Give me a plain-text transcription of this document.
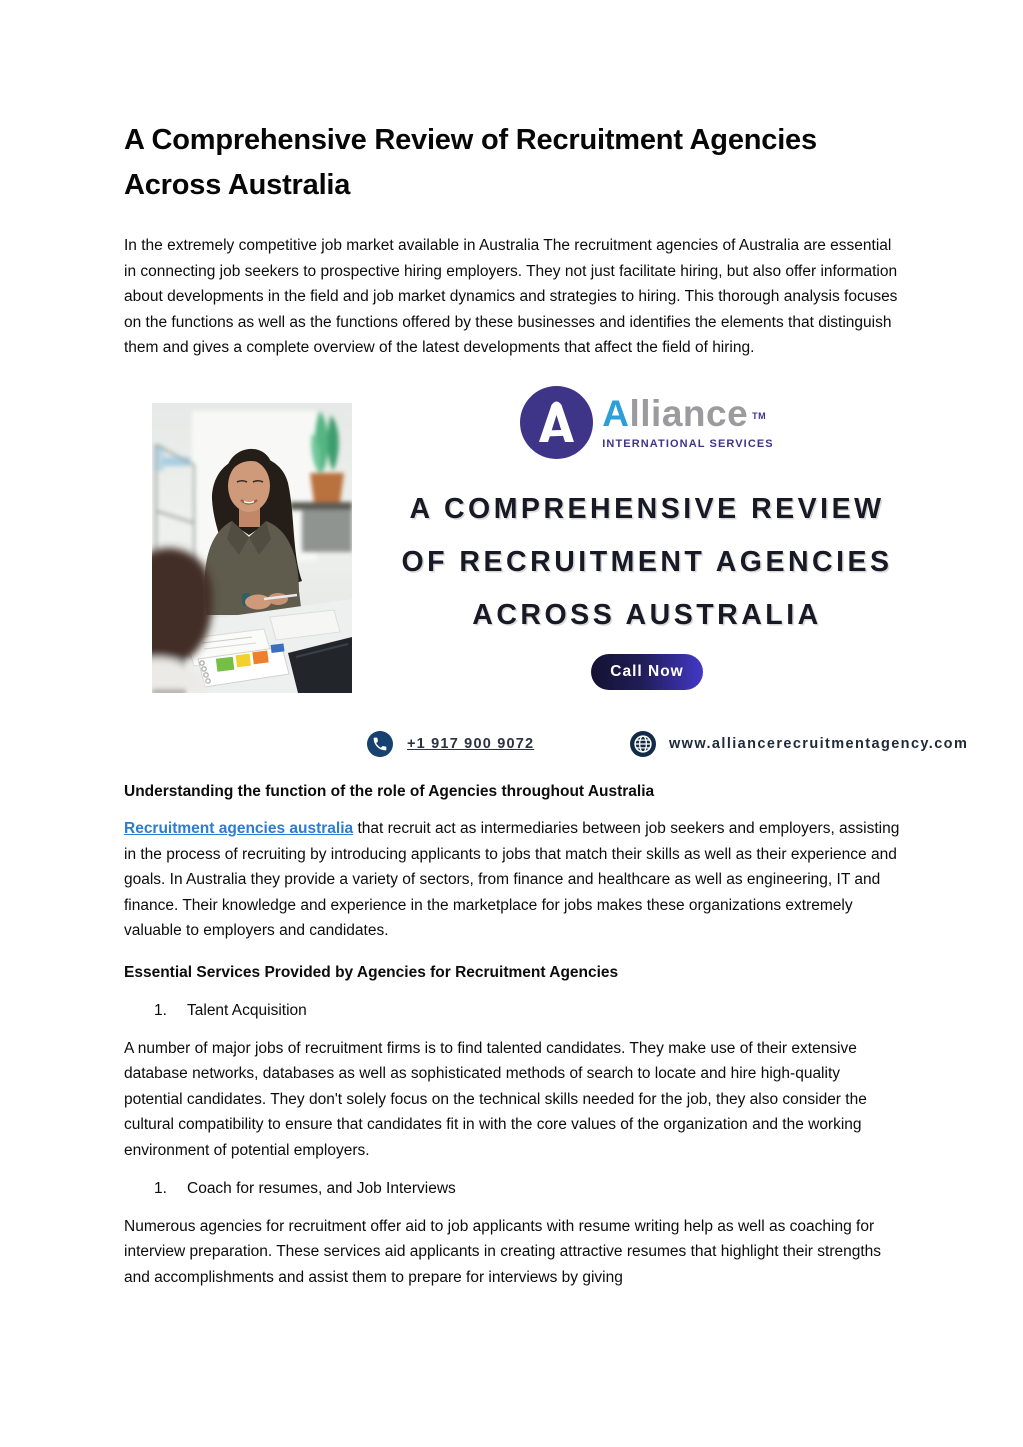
A Comprehensive Review of Recruitment Agencies Across Australia

In the extremely competitive job market available in Australia The recruitment agencies of Australia are essential in connecting job seekers to prospective hiring employers. They not just facilitate hiring, but also offer information about developments in the field and job market dynamics and strategies to hiring. This thorough analysis focuses on the functions as well as the functions offered by these businesses and identifies the elements that distinguish them and gives a complete overview of the latest developments that affect the field of hiring.

A lliance TM
INTERNATIONAL SERVICES
A COMPREHENSIVE REVIEW
OF RECRUITMENT AGENCIES
ACROSS AUSTRALIA
Call Now
+1 917 900 9072	www.alliancerecruitmentagency.com
Understanding the function of the role of Agencies throughout Australia

Recruitment agencies australia that recruit act as intermediaries between job seekers and employers, assisting in the process of recruiting by introducing applicants to jobs that match their skills as well as their experience and goals. In Australia they provide a variety of sectors, from finance and healthcare as well as engineering, IT and finance. Their knowledge and experience in the marketplace for jobs makes these organizations extremely valuable to employers and candidates.

Essential Services Provided by Agencies for Recruitment Agencies
1. Talent Acquisition

A number of major jobs of recruitment firms is to find talented candidates. They make use of their extensive database networks, databases as well as sophisticated methods of search to locate and hire high-quality potential candidates. They don't solely focus on the technical skills needed for the job, they also consider the cultural compatibility to ensure that candidates fit in with the core values of the organization and the working environment of potential employers.

1. Coach for resumes, and Job Interviews

Numerous agencies for recruitment offer aid to job applicants with resume writing help as well as coaching for interview preparation. These services aid applicants in creating attractive resumes that highlight their strengths and accomplishments and assist them to prepare for interviews by giving
